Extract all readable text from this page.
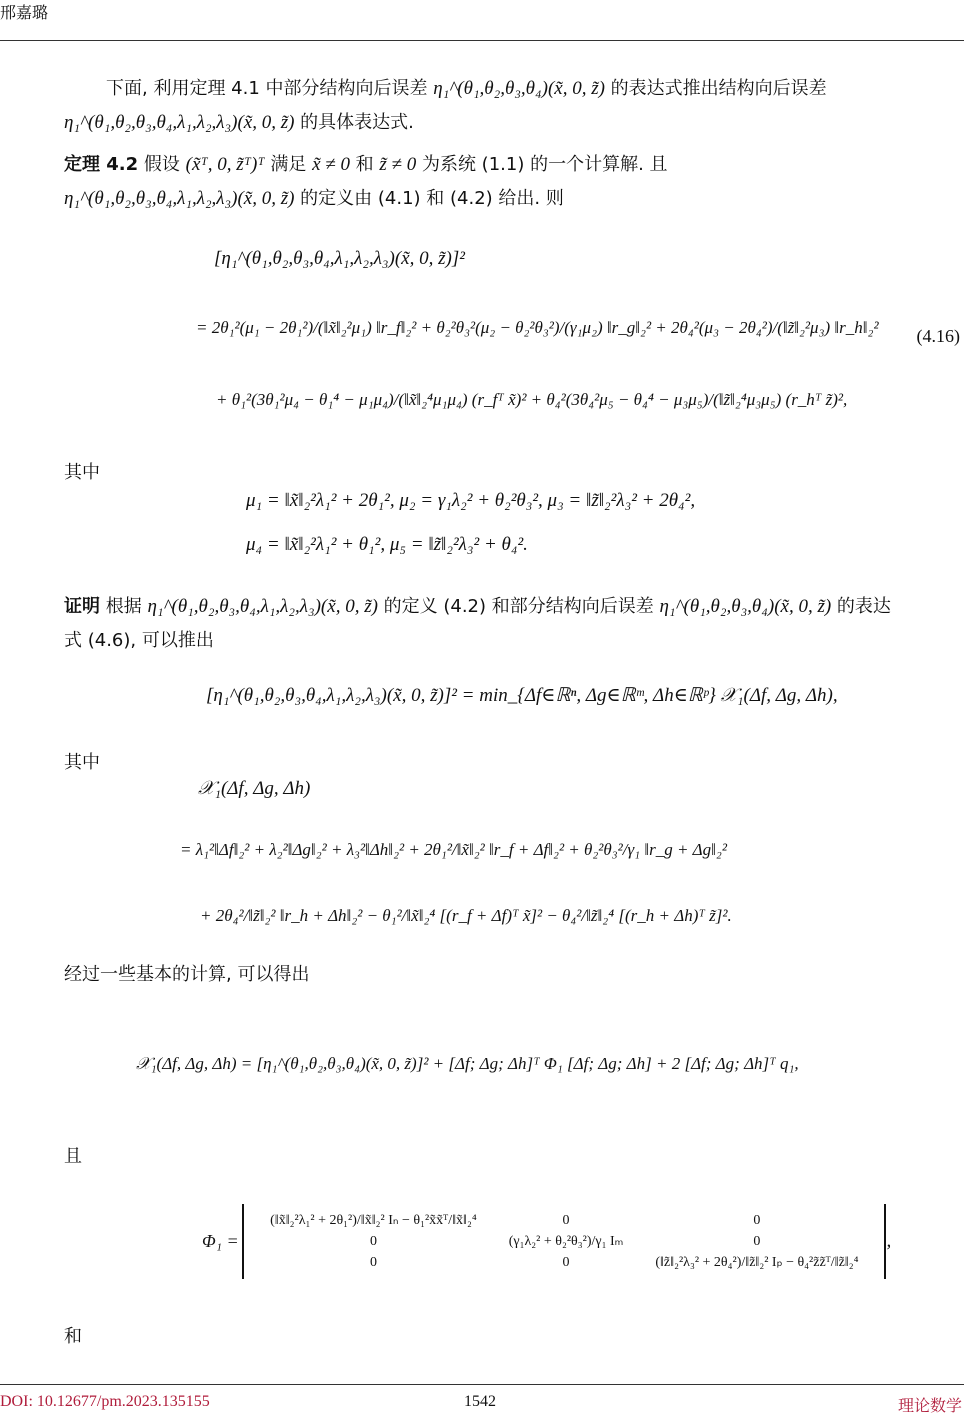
邢嘉璐
下面, 利用定理 4.1 中部分结构向后误差 η₁^(θ₁,θ₂,θ₃,θ₄)(x̃, 0, z̃) 的表达式推出结构向后误差
η₁^(θ₁,θ₂,θ₃,θ₄,λ₁,λ₂,λ₃)(x̃, 0, z̃) 的具体表达式.
定理 4.2 假设 (x̃ᵀ, 0, z̃ᵀ)ᵀ 满足 x̃ ≠ 0 和 z̃ ≠ 0 为系统 (1.1) 的一个计算解. 且
η₁^(θ₁,θ₂,θ₃,θ₄,λ₁,λ₂,λ₃)(x̃, 0, z̃) 的定义由 (4.1) 和 (4.2) 给出. 则
[η₁^(θ₁,θ₂,θ₃,θ₄,λ₁,λ₂,λ₃)(x̃, 0, z̃)]²
= 2θ₁²(μ₁ − 2θ₁²)/(‖x̃‖₂²μ₁) ‖r_f‖₂² + θ₂²θ₃²(μ₂ − θ₂²θ₃²)/(γ₁μ₂) ‖r_g‖₂² + 2θ₄²(μ₃ − 2θ₄²)/(‖z̃‖₂²μ₃) ‖r_h‖₂²	(4.16)
+ θ₁²(3θ₁²μ₄ − θ₁⁴ − μ₁μ₄)/(‖x̃‖₂⁴μ₁μ₄) (r_fᵀ x̃)² + θ₄²(3θ₄²μ₅ − θ₄⁴ − μ₃μ₅)/(‖z̃‖₂⁴μ₃μ₅) (r_hᵀ z̃)²,
其中
μ₁ = ‖x̃‖₂²λ₁² + 2θ₁², μ₂ = γ₁λ₂² + θ₂²θ₃², μ₃ = ‖z̃‖₂²λ₃² + 2θ₄²,
μ₄ = ‖x̃‖₂²λ₁² + θ₁², μ₅ = ‖z̃‖₂²λ₃² + θ₄².
证明 根据 η₁^(θ₁,θ₂,θ₃,θ₄,λ₁,λ₂,λ₃)(x̃, 0, z̃) 的定义 (4.2) 和部分结构向后误差 η₁^(θ₁,θ₂,θ₃,θ₄)(x̃, 0, z̃) 的表达
式 (4.6), 可以推出
[η₁^(θ₁,θ₂,θ₃,θ₄,λ₁,λ₂,λ₃)(x̃, 0, z̃)]² = min_{Δf∈ℝⁿ, Δg∈ℝᵐ, Δh∈ℝᵖ} 𝒳₁(Δf, Δg, Δh),
其中
𝒳₁(Δf, Δg, Δh)
= λ₁²‖Δf‖₂² + λ₂²‖Δg‖₂² + λ₃²‖Δh‖₂² + 2θ₁²/‖x̃‖₂² ‖r_f + Δf‖₂² + θ₂²θ₃²/γ₁ ‖r_g + Δg‖₂²
+ 2θ₄²/‖z̃‖₂² ‖r_h + Δh‖₂² − θ₁²/‖x̃‖₂⁴ [(r_f + Δf)ᵀ x̃]² − θ₄²/‖z̃‖₂⁴ [(r_h + Δh)ᵀ z̃]².
经过一些基本的计算, 可以得出
𝒳₁(Δf, Δg, Δh) = [η₁^(θ₁,θ₂,θ₃,θ₄)(x̃, 0, z̃)]² + [Δf; Δg; Δh]ᵀ Φ₁ [Δf; Δg; Δh] + 2 [Δf; Δg; Δh]ᵀ q₁,
且
Φ₁ =
(‖x̃‖₂²λ₁² + 2θ₁²)/‖x̃‖₂² Iₙ − θ₁²x̃x̃ᵀ/‖x̃‖₂⁴	0	0
0	(γ₁λ₂² + θ₂²θ₃²)/γ₁ Iₘ	0
0	0	(‖z̃‖₂²λ₃² + 2θ₄²)/‖z̃‖₂² Iₚ − θ₄²z̃z̃ᵀ/‖z̃‖₂⁴
,
和
DOI: 10.12677/pm.2023.135155	1542	理论数学
